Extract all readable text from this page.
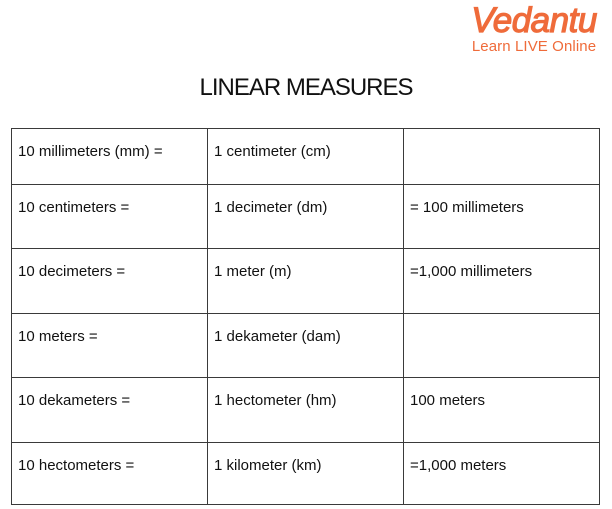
Vedantu
Learn LIVE Online
LINEAR MEASURES
10 millimeters (mm) =	1 centimeter (cm)	
10 centimeters =	1 decimeter (dm)	= 100 millimeters
10 decimeters =	1 meter (m)	=1,000 millimeters
10 meters =	1 dekameter (dam)	
10 dekameters =	1 hectometer (hm)	100 meters
10 hectometers =	1 kilometer (km)	=1,000 meters
